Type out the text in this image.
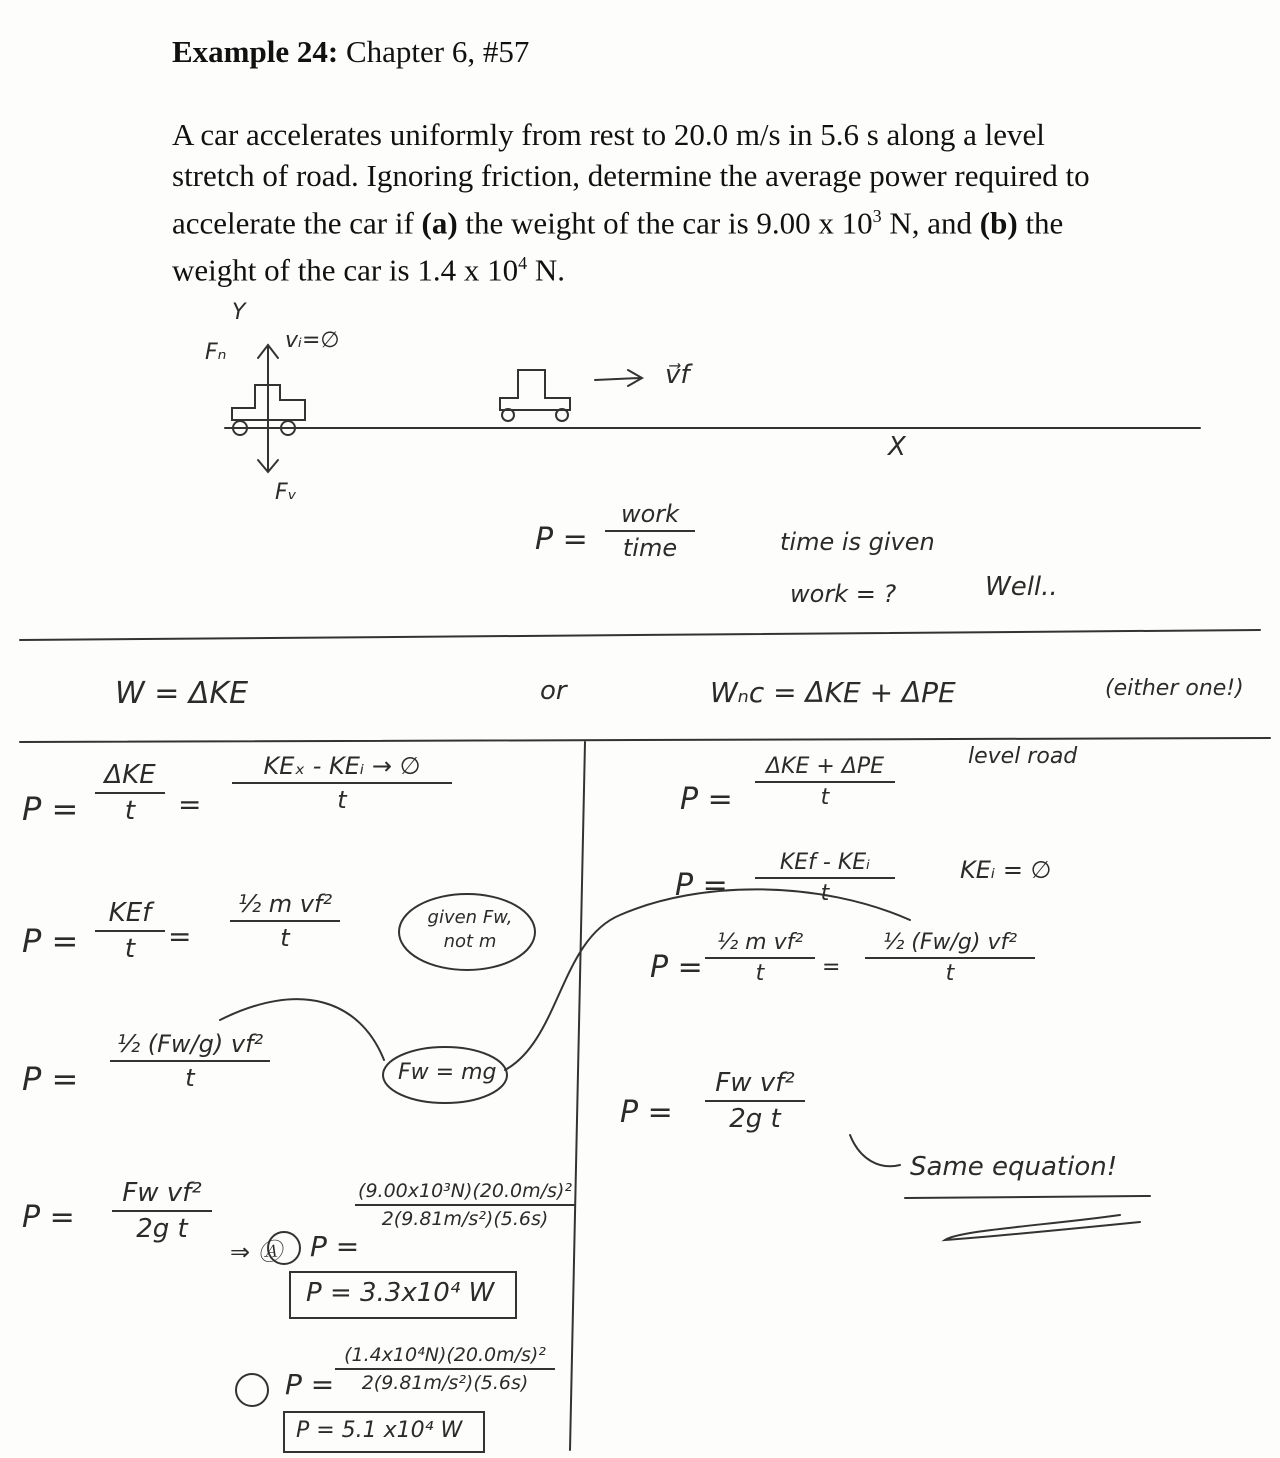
Example 24: Chapter 6, #57
A car accelerates uniformly from rest to 20.0 m/s in 5.6 s along a level stretch of road. Ignoring friction, determine the average power required to accelerate the car if (a) the weight of the car is 9.00 x $10^3$ N, and (b) the weight of the car is 1.4 x $10^4$ N.
Y
Fₙ	vᵢ=∅
Fᵥ
v⃗f
X
P =
work
time	time is given
work = ?	Well..
W = ΔKE	or	Wₙc = ΔKE + ΔPE	(either one!)
P =
ΔKE
t	=
KEₓ - KEᵢ → ∅
t
P =
KEf
t	=
½ m vf²
t
given Fw, not m
P =
½ (Fw/g) vf²
t	Fw = mg
P =
Fw vf²
2g t
⇒ Ⓐ P =
(9.00x10³N)(20.0m/s)²
2(9.81m/s²)(5.6s)
P = 3.3x10⁴ W
P =
(1.4x10⁴N)(20.0m/s)²
2(9.81m/s²)(5.6s)
P = 5.1 x10⁴ W
P =
ΔKE + ΔPE
t
level road
P =
KEf - KEᵢ
t
KEᵢ = ∅
P =
½ m vf²
t	=
½ (Fw/g) vf²
t
P =
Fw vf²
2g t
Same equation!
